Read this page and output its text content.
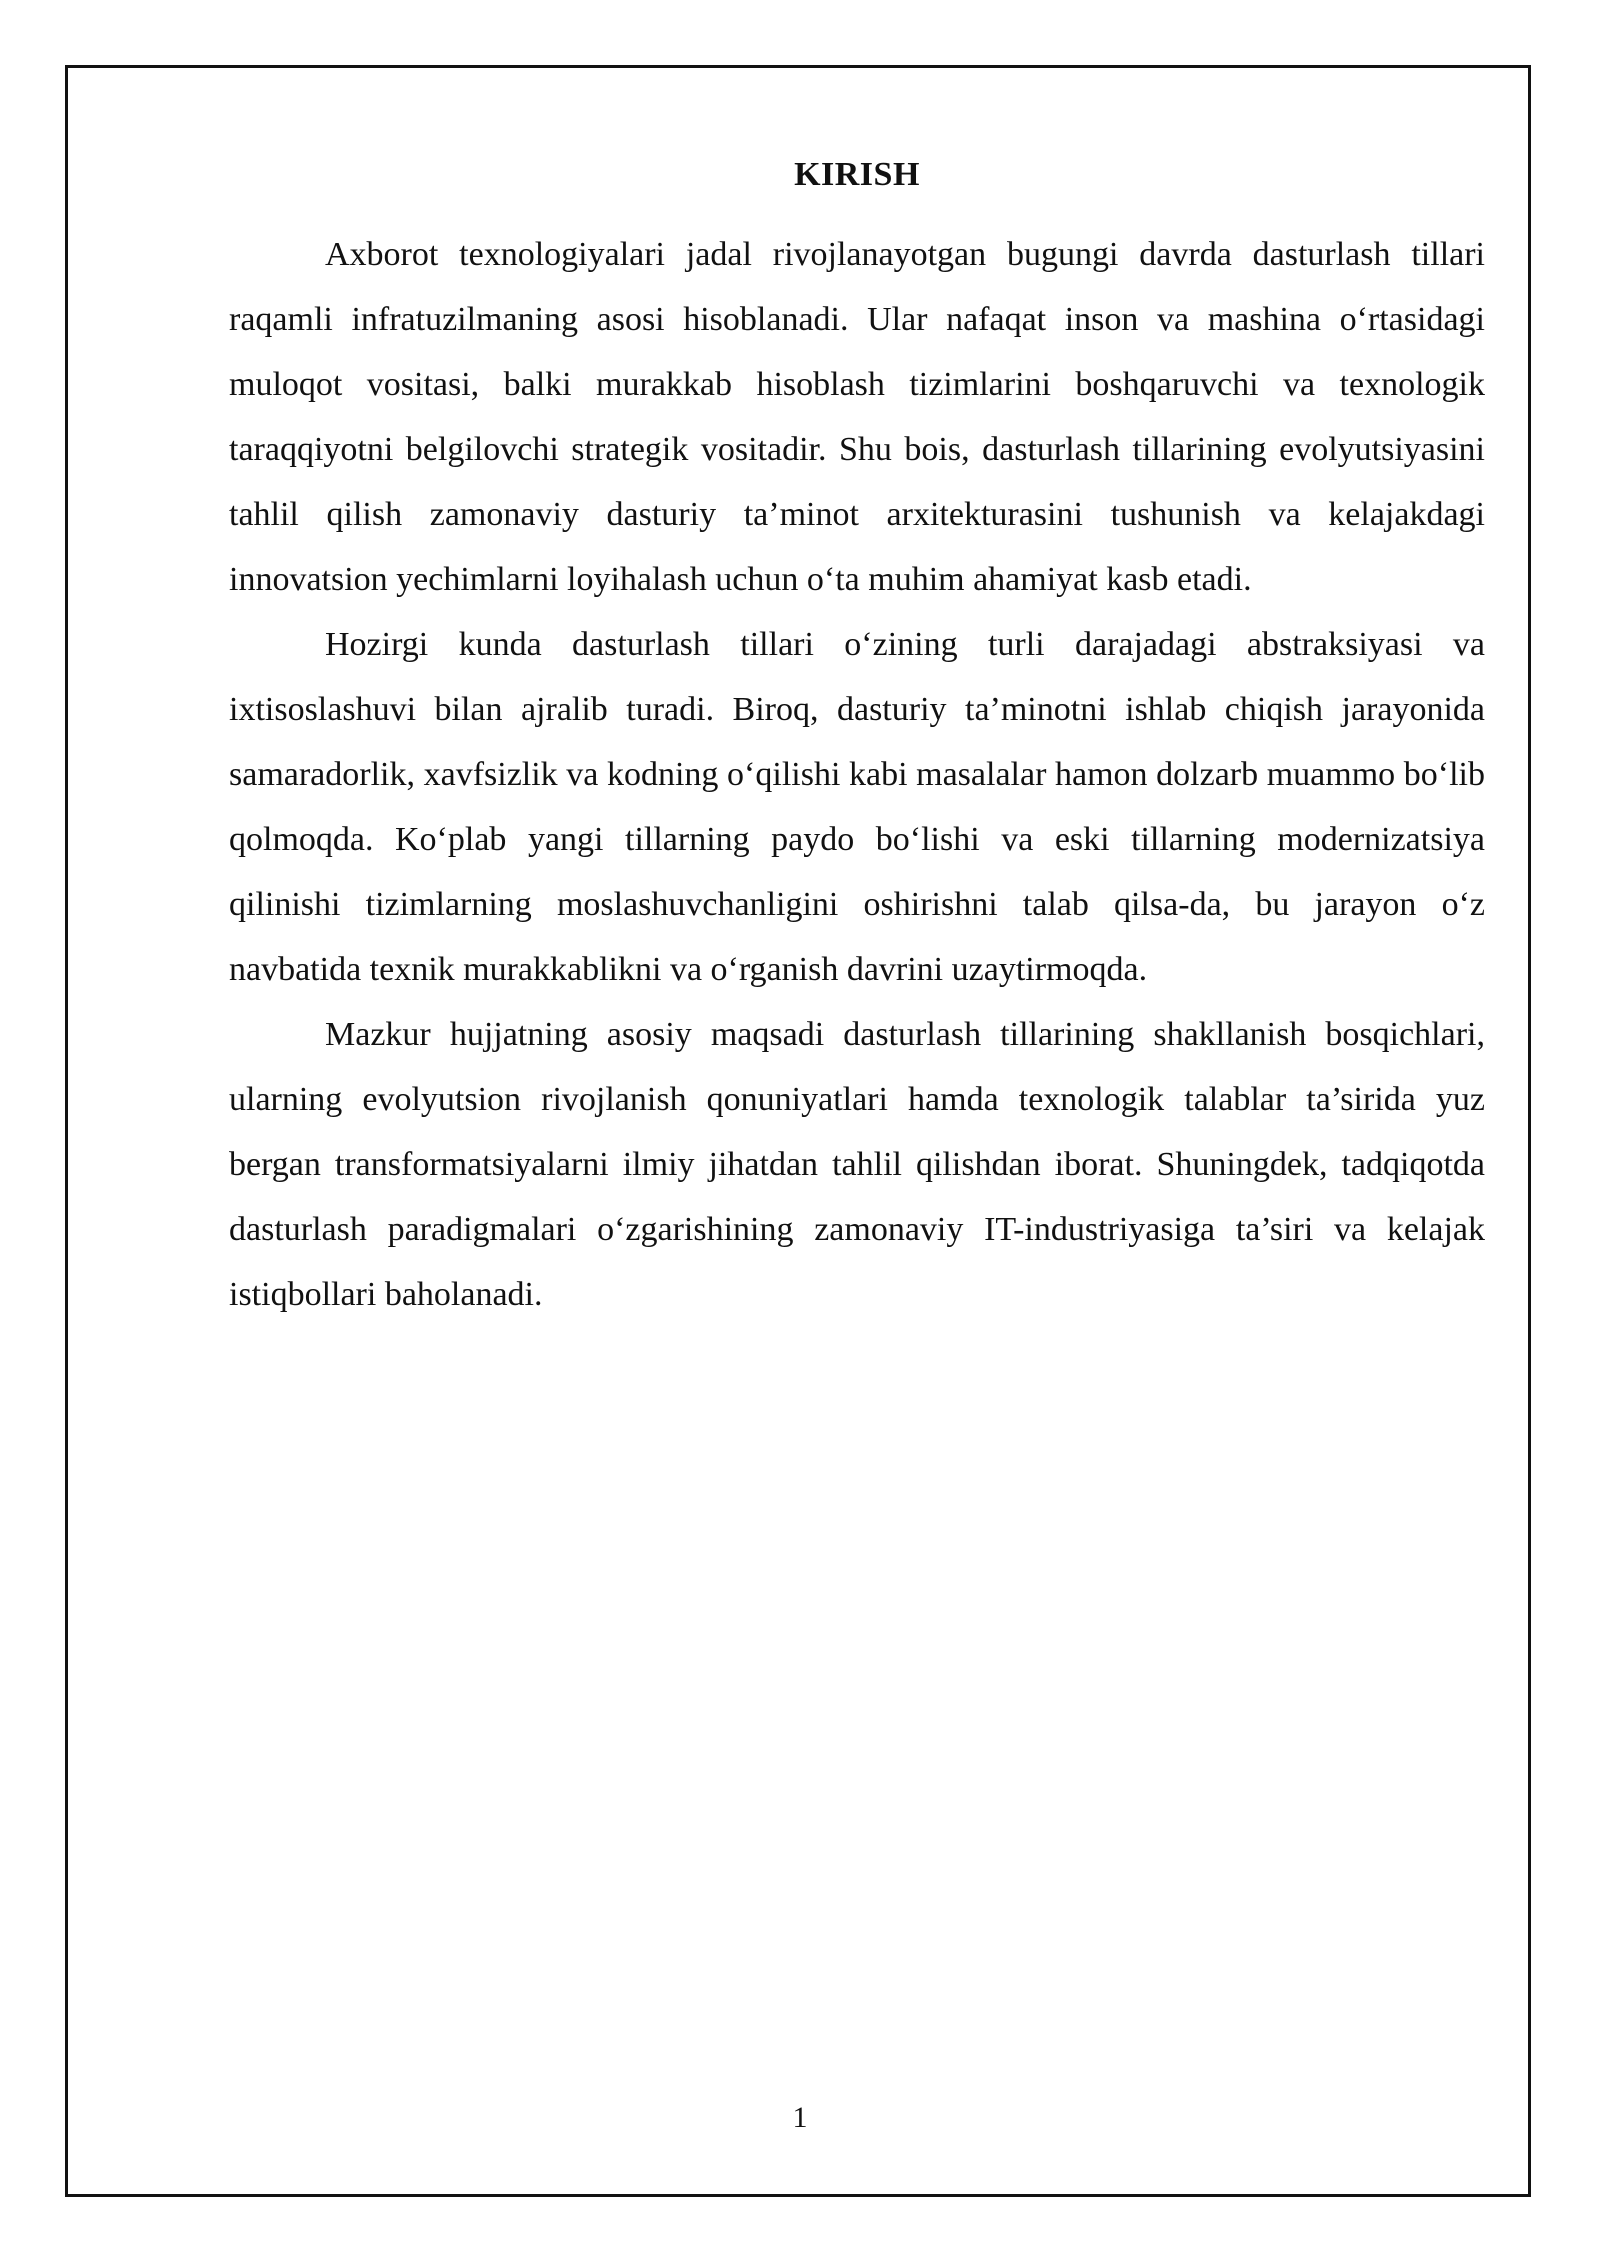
KIRISH

Axborot texnologiyalari jadal rivojlanayotgan bugungi davrda dasturlash tillari raqamli infratuzilmaning asosi hisoblanadi. Ular nafaqat inson va mashina o‘rtasidagi muloqot vositasi, balki murakkab hisoblash tizimlarini boshqaruvchi va texnologik taraqqiyotni belgilovchi strategik vositadir. Shu bois, dasturlash tillarining evolyutsiyasini tahlil qilish zamonaviy dasturiy ta’minot arxitekturasini tushunish va kelajakdagi innovatsion yechimlarni loyihalash uchun o‘ta muhim ahamiyat kasb etadi.

Hozirgi kunda dasturlash tillari o‘zining turli darajadagi abstraksiyasi va ixtisoslashuvi bilan ajralib turadi. Biroq, dasturiy ta’minotni ishlab chiqish jarayonida samaradorlik, xavfsizlik va kodning o‘qilishi kabi masalalar hamon dolzarb muammo bo‘lib qolmoqda. Ko‘plab yangi tillarning paydo bo‘lishi va eski tillarning modernizatsiya qilinishi tizimlarning moslashuvchanligini oshirishni talab qilsa-da, bu jarayon o‘z navbatida texnik murakkablikni va o‘rganish davrini uzaytirmoqda.

Mazkur hujjatning asosiy maqsadi dasturlash tillarining shakllanish bosqichlari, ularning evolyutsion rivojlanish qonuniyatlari hamda texnologik talablar ta’sirida yuz bergan transformatsiyalarni ilmiy jihatdan tahlil qilishdan iborat. Shuningdek, tadqiqotda dasturlash paradigmalari o‘zgarishining zamonaviy IT-industriyasiga ta’siri va kelajak istiqbollari baholanadi.

1
